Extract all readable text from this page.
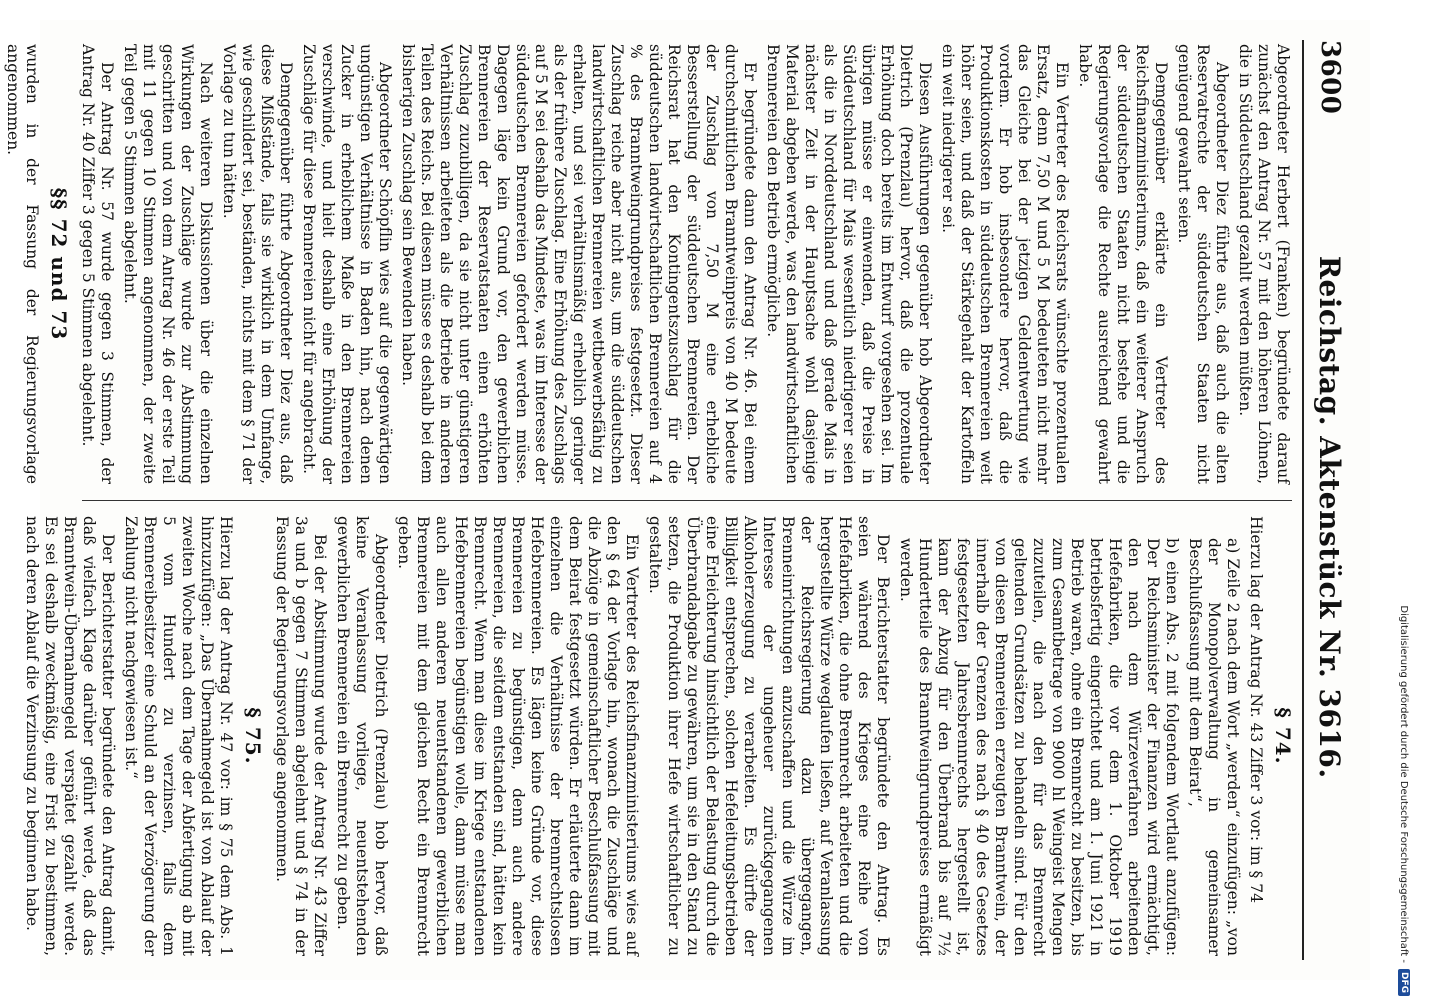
3600
Reichstag. Aktenstück Nr. 3616.

Abgeordneter Herbert (Franken) begründete darauf zunächst den Antrag Nr. 57 mit den höheren Löhnen, die in Süddeutschland gezahlt werden müßten.

Abgeordneter Diez führte aus, daß auch die alten Reservatrechte der süddeutschen Staaten nicht genügend gewahrt seien.

Demgegenüber erklärte ein Vertreter des Reichsfinanzministeriums, daß ein weiterer Anspruch der süddeutschen Staaten nicht bestehe und die Regierungsvorlage die Rechte ausreichend gewahrt habe.

Ein Vertreter des Reichsrats wünschte prozentualen Ersatz, denn 7,50 M und 5 M bedeuteten nicht mehr das Gleiche bei der jetzigen Geldentwertung wie vordem. Er hob insbesondere hervor, daß die Produktionskosten in süddeutschen Brennereien weit höher seien, und daß der Stärkegehalt der Kartoffeln ein weit niedrigerer sei.

Diesen Ausführungen gegenüber hob Abgeordneter Dietrich (Prenzlau) hervor, daß die prozentuale Erhöhung doch bereits im Entwurf vorgesehen sei. Im übrigen müsse er einwenden, daß die Preise in Süddeutschland für Mais wesentlich niedrigerer seien als die in Norddeutschland und daß gerade Mais in nächster Zeit in der Hauptsache wohl dasjenige Material abgeben werde, was den landwirtschaftlichen Brennereien den Betrieb ermögliche.

Er begründete dann den Antrag Nr. 46. Bei einem durchschnittlichen Branntweinpreis von 40 M bedeute der Zuschlag von 7,50 M eine erhebliche Besserstellung der süddeutschen Brennereien. Der Reichsrat hat den Kontingentszuschlag für die süddeutschen landwirtschaftlichen Brennereien auf 4 % des Branntweingrundpreises festgesetzt. Dieser Zuschlag reiche aber nicht aus, um die süddeutschen landwirtschaftlichen Brennereien wettbewerbsfähig zu erhalten, und sei verhältnismäßig erheblich geringer als der frühere Zuschlag. Eine Erhöhung des Zuschlags auf 5 M sei deshalb das Mindeste, was im Interesse der süddeutschen Brennereien gefordert werden müsse. Dagegen läge kein Grund vor, den gewerblichen Brennereien der Reservatstaaten einen erhöhten Zuschlag zuzubilligen, da sie nicht unter günstigeren Verhältnissen arbeiteten als die Betriebe in anderen Teilen des Reichs. Bei diesen müsse es deshalb bei dem bisherigen Zuschlag sein Bewenden haben.

Abgeordneter Schöpflin wies auf die gegenwärtigen ungünstigen Verhältnisse in Baden hin, nach denen Zucker in erheblichem Maße in den Brennereien verschwinde, und hielt deshalb eine Erhöhung der Zuschläge für diese Brennereien nicht für angebracht.

Demgegenüber führte Abgeordneter Diez aus, daß diese Mißstände, falls sie wirklich in dem Umfange, wie geschildert sei, beständen, nichts mit dem § 71 der Vorlage zu tun hätten.

Nach weiteren Diskussionen über die einzelnen Wirkungen der Zuschläge wurde zur Abstimmung geschritten und von dem Antrag Nr. 46 der erste Teil mit 11 gegen 10 Stimmen angenommen, der zweite Teil gegen 5 Stimmen abgelehnt.

Der Antrag Nr. 57 wurde gegen 3 Stimmen, der Antrag Nr. 40 Ziffer 3 gegen 5 Stimmen abgelehnt.

§§ 72 und 73

wurden in der Fassung der Regierungsvorlage angenommen.

§ 74.

Hierzu lag der Antrag Nr. 43 Ziffer 3 vor: im § 74

a) Zeile 2 nach dem Wort „werden“ einzufügen: „von der Monopolverwaltung in gemeinsamer Beschlußfassung mit dem Beirat“,

b) einen Abs. 2 mit folgendem Wortlaut anzufügen: Der Reichsminister der Finanzen wird ermächtigt, den nach dem Würzeverfahren arbeitenden Hefefabriken, die vor dem 1. Oktober 1919 betriebsfertig eingerichtet und am 1. Juni 1921 in Betrieb waren, ohne ein Brennrecht zu besitzen, bis zum Gesamtbetrage von 9000 hl Weingeist Mengen zuzuteilen, die nach den für das Brennrecht geltenden Grundsätzen zu behandeln sind. Für den von diesen Brennereien erzeugten Branntwein, der innerhalb der Grenzen des nach § 40 des Gesetzes festgesetzten Jahresbrennrechts hergestellt ist, kann der Abzug für den Überbrand bis auf 7½ Hundertteile des Branntweingrundpreises ermäßigt werden.

Der Berichterstatter begründete den Antrag. Es seien während des Krieges eine Reihe von Hefefabriken, die ohne Brennrecht arbeiteten und die hergestellte Würze weglaufen ließen, auf Veranlassung der Reichsregierung dazu übergegangen, Brenneinrichtungen anzuschaffen und die Würze im Interesse der ungeheuer zurückgegangenen Alkoholerzeugung zu verarbeiten. Es dürfte der Billigkeit entsprechen, solchen Hefeleitungsbetrieben eine Erleichterung hinsichtlich der Belastung durch die Überbrandabgabe zu gewähren, um sie in den Stand zu setzen, die Produktion ihrer Hefe wirtschaftlicher zu gestalten.

Ein Vertreter des Reichsfinanzministeriums wies auf den § 64 der Vorlage hin, wonach die Zuschläge und die Abzüge in gemeinschaftlicher Beschlußfassung mit dem Beirat festgesetzt würden. Er erläuterte dann im einzelnen die Verhältnisse der brennrechtslosen Hefebrennereien. Es lägen keine Gründe vor, diese Brennereien zu begünstigen, denn auch andere Brennereien, die seitdem entstanden sind, hätten kein Brennrecht. Wenn man diese im Kriege entstandenen Hefebrennereien begünstigen wolle, dann müsse man auch allen anderen neuentstandenen gewerblichen Brennereien mit dem gleichen Recht ein Brennrecht geben.

Abgeordneter Dietrich (Prenzlau) hob hervor, daß keine Veranlassung vorliege, neuentstehenden gewerblichen Brennereien ein Brennrecht zu geben.

Bei der Abstimmung wurde der Antrag Nr. 43 Ziffer 3a und b gegen 7 Stimmen abgelehnt und § 74 in der Fassung der Regierungsvorlage angenommen.

§ 75.

Hierzu lag der Antrag Nr. 47 vor: im § 75 dem Abs. 1 hinzuzufügen: „Das Übernahmegeld ist von Ablauf der zweiten Woche nach dem Tage der Abfertigung ab mit 5 vom Hundert zu verzinsen, falls dem Brennereibesitzer eine Schuld an der Verzögerung der Zahlung nicht nachgewiesen ist.“

Der Berichterstatter begründete den Antrag damit, daß vielfach Klage darüber geführt werde, daß das Branntwein-Übernahmegeld verspätet gezahlt werde. Es sei deshalb zweckmäßig, eine Frist zu bestimmen, nach deren Ablauf die Verzinsung zu beginnen habe.	Digitalisierung gefördert durch die Deutsche Forschungsgemeinschaft -
DFG
